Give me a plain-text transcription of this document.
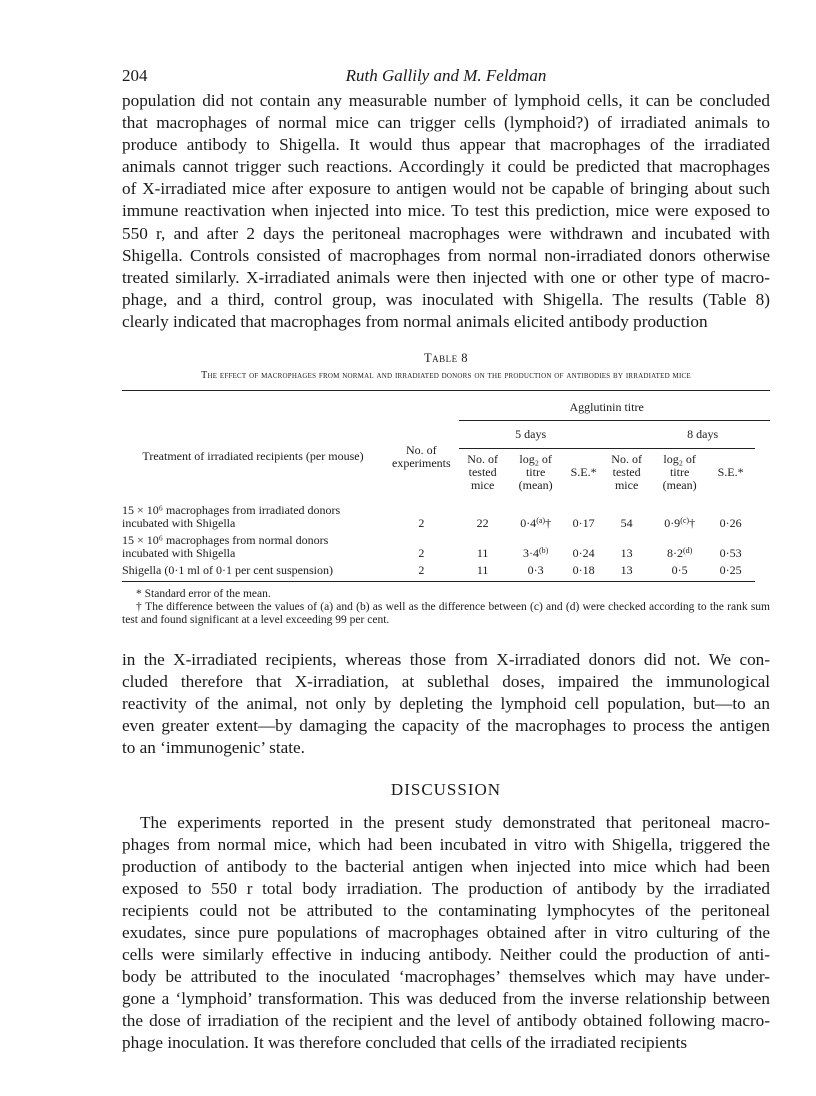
204	Ruth Gallily and M. Feldman

population did not contain any measurable number of lymphoid cells, it can be concluded
that macrophages of normal mice can trigger cells (lymphoid?) of irradiated animals to
produce antibody to Shigella. It would thus appear that macrophages of the irradiated
animals cannot trigger such reactions. Accordingly it could be predicted that macrophages
of X-irradiated mice after exposure to antigen would not be capable of bringing about such
immune reactivation when injected into mice. To test this prediction, mice were exposed to
550 r, and after 2 days the peritoneal macrophages were withdrawn and incubated with
Shigella. Controls consisted of macrophages from normal non-irradiated donors otherwise
treated similarly. X-irradiated animals were then injected with one or other type of macro-
phage, and a third, control group, was inoculated with Shigella. The results (Table 8)
clearly indicated that macrophages from normal animals elicited antibody production

Table 8
The effect of macrophages from normal and irradiated donors on the production of antibodies by irradiated mice

Treatment of irradiated recipients (per mouse)	No. of experiments	Agglutinin titre							
		5 days				8 days			
		No. of tested mice	log₂ of titre (mean)	S.E.*	No. of tested mice		log₂ of titre (mean)	S.E.*	
15 × 10⁶ macrophages from irradiated donors incubated with Shigella	2	22	$0\cdot 4^{(a)}\dagger$	0·17	54		$0\cdot 9^{(c)}\dagger$	0·26	
15 × 10⁶ macrophages from normal donors incubated with Shigella	2	11	$3\cdot 4^{(b)}$	0·24	13		$8\cdot 2^{(d)}$	0·53	
Shigella (0·1 ml of 0·1 per cent suspension)	2	11	0·3	0·18	13		0·5	0·25	

* Standard error of the mean.
† The difference between the values of (a) and (b) as well as the difference between (c) and (d) were checked according to the rank sum test and found significant at a level exceeding 99 per cent.

in the X-irradiated recipients, whereas those from X-irradiated donors did not. We con-
cluded therefore that X-irradiation, at sublethal doses, impaired the immunological
reactivity of the animal, not only by depleting the lymphoid cell population, but—to an
even greater extent—by damaging the capacity of the macrophages to process the antigen
to an ‘immunogenic’ state.

DISCUSSION

The experiments reported in the present study demonstrated that peritoneal macro-
phages from normal mice, which had been incubated in vitro with Shigella, triggered the
production of antibody to the bacterial antigen when injected into mice which had been
exposed to 550 r total body irradiation. The production of antibody by the irradiated
recipients could not be attributed to the contaminating lymphocytes of the peritoneal
exudates, since pure populations of macrophages obtained after in vitro culturing of the
cells were similarly effective in inducing antibody. Neither could the production of anti-
body be attributed to the inoculated ‘macrophages’ themselves which may have under-
gone a ‘lymphoid’ transformation. This was deduced from the inverse relationship between
the dose of irradiation of the recipient and the level of antibody obtained following macro-
phage inoculation. It was therefore concluded that cells of the irradiated recipients
